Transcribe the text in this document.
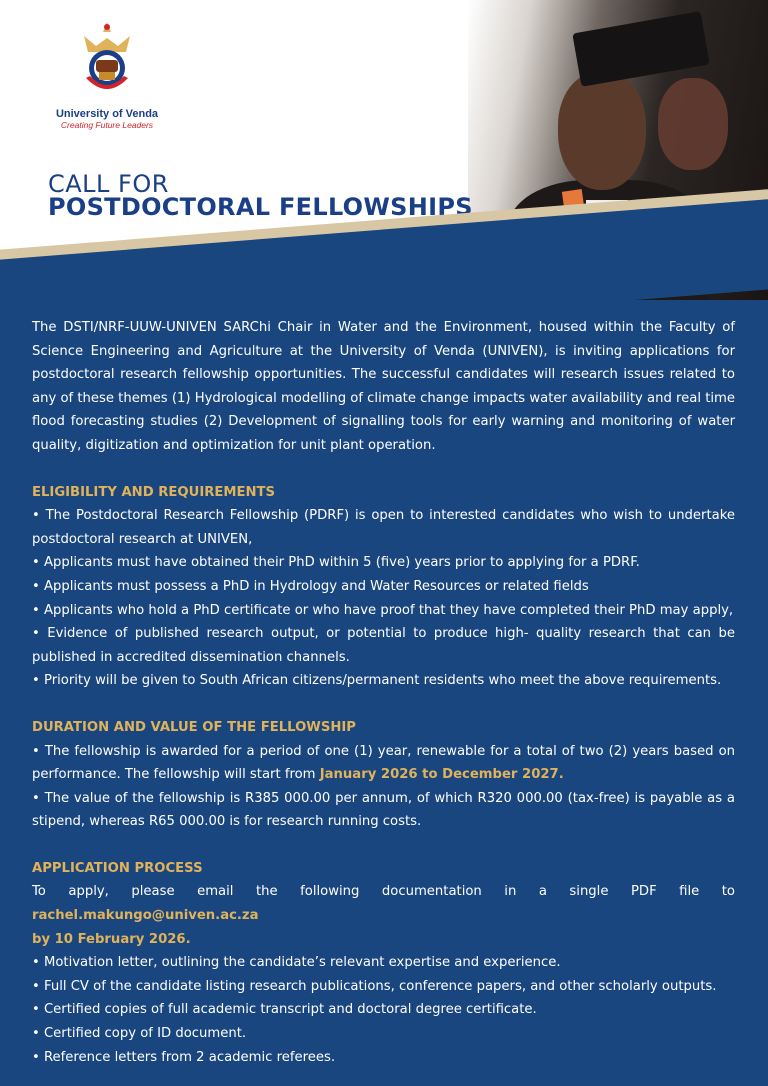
University of Venda
Creating Future Leaders
CALL FOR
POSTDOCTORAL FELLOWSHIPS

The DSTI/NRF-UUW-UNIVEN SARChi Chair in Water and the Environment, housed within the Faculty of Science Engineering and Agriculture at the University of Venda (UNIVEN), is inviting applications for postdoctoral research fellowship opportunities. The successful candidates will research issues related to any of these themes (1) Hydrological modelling of climate change impacts water availability and real time flood forecasting studies (2) Development of signalling tools for early warning and monitoring of water quality, digitization and optimization for unit plant operation.

ELIGIBILITY AND REQUIREMENTS

• The Postdoctoral Research Fellowship (PDRF) is open to interested candidates who wish to undertake postdoctoral research at UNIVEN,

• Applicants must have obtained their PhD within 5 (five) years prior to applying for a PDRF.

• Applicants must possess a PhD in Hydrology and Water Resources or related fields

• Applicants who hold a PhD certificate or who have proof that they have completed their PhD may apply,

• Evidence of published research output, or potential to produce high- quality research that can be published in accredited dissemination channels.

• Priority will be given to South African citizens/permanent residents who meet the above requirements.

DURATION AND VALUE OF THE FELLOWSHIP

• The fellowship is awarded for a period of one (1) year, renewable for a total of two (2) years based on performance. The fellowship will start from January 2026 to December 2027.

• The value of the fellowship is R385 000.00 per annum, of which R320 000.00 (tax-free) is payable as a stipend, whereas R65 000.00 is for research running costs.

APPLICATION PROCESS

To apply, please email the following documentation in a single PDF file to rachel.makungo@univen.ac.za

by 10 February 2026.

• Motivation letter, outlining the candidate’s relevant expertise and experience.

• Full CV of the candidate listing research publications, conference papers, and other scholarly outputs.

• Certified copies of full academic transcript and doctoral degree certificate.

• Certified copy of ID document.

• Reference letters from 2 academic referees.
